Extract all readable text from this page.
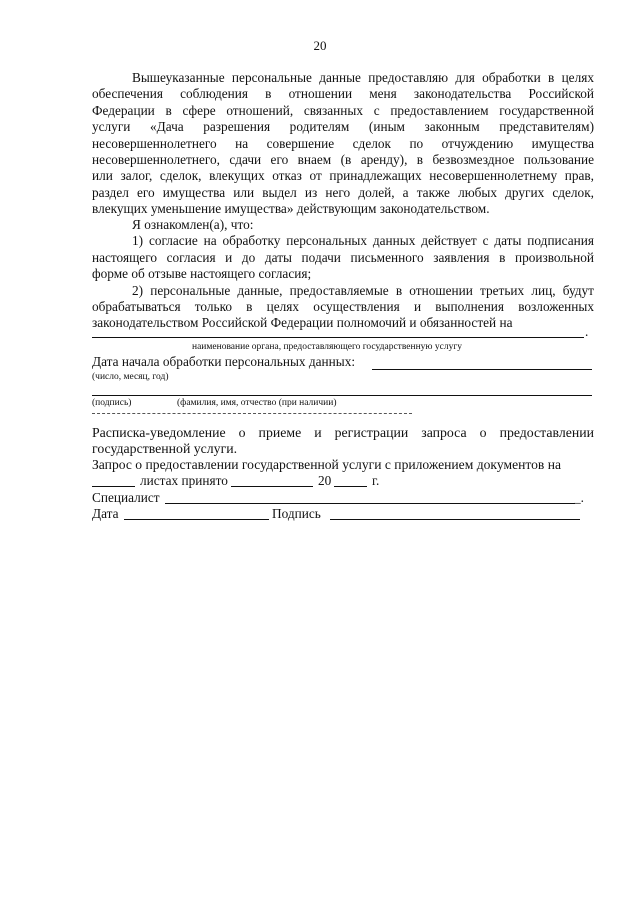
20
Вышеуказанные персональные данные предоставляю для обработки в целях
обеспечения соблюдения в отношении меня законодательства Российской
Федерации в сфере отношений, связанных с предоставлением государственной
услуги «Дача разрешения родителям (иным законным представителям)
несовершеннолетнего на совершение сделок по отчуждению имущества
несовершеннолетнего, сдачи его внаем (в аренду), в безвозмездное пользование
или залог, сделок, влекущих отказ от принадлежащих несовершеннолетнему прав,
раздел его имущества или выдел из него долей, а также любых других сделок,
влекущих уменьшение имущества» действующим законодательством.
Я ознакомлен(а), что:
1) согласие на обработку персональных данных действует с даты подписания
настоящего согласия и до даты подачи письменного заявления в произвольной
форме об отзыве настоящего согласия;
2) персональные данные, предоставляемые в отношении третьих лиц, будут
обрабатываться только в целях осуществления и выполнения возложенных
законодательством Российской Федерации полномочий и обязанностей на
.
наименование органа, предоставляющего государственную услугу
Дата начала обработки персональных данных:
(число, месяц, год)
(подпись)	(фамилия, имя, отчество (при наличии)
Расписка-уведомление о приеме и регистрации запроса о предоставлении
государственной услуги.
Запрос о предоставлении государственной услуги с приложением документов на
листах принято	20	г.
Специалист	_.
Дата	Подпись
